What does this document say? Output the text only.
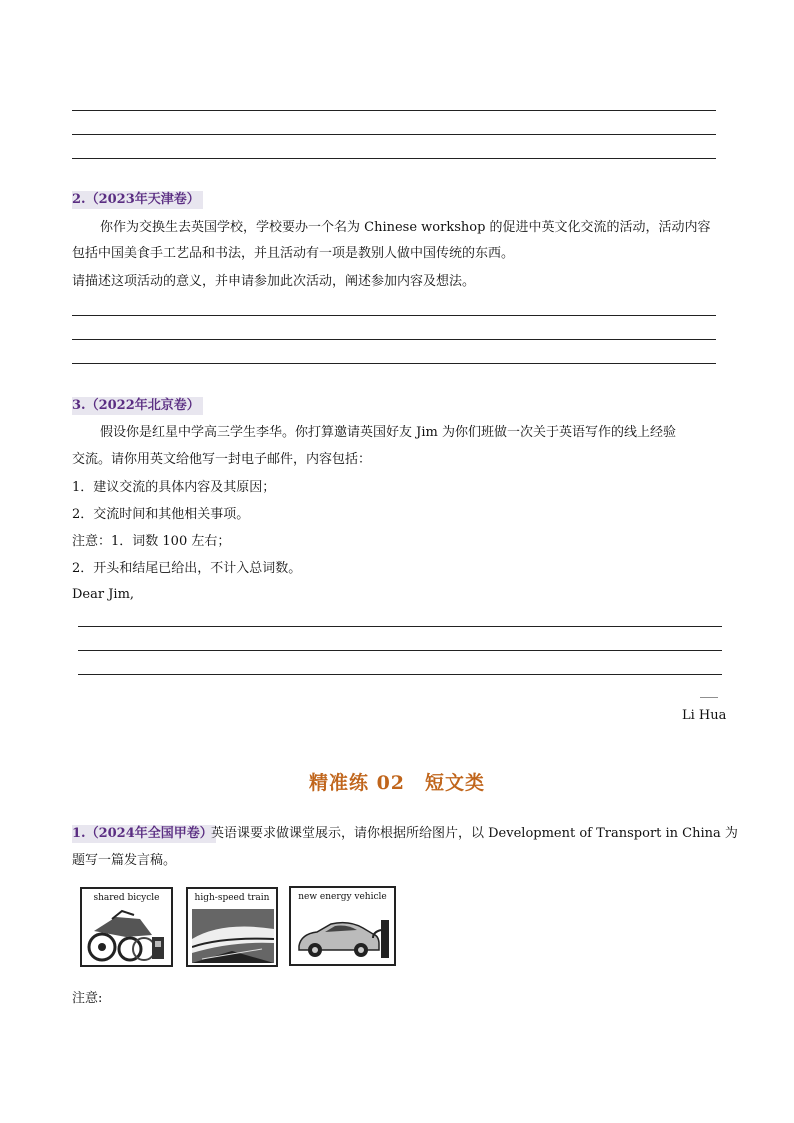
2.（2023年天津卷）
你作为交换生去英国学校，学校要办一个名为 Chinese workshop 的促进中英文化交流的活动，活动内容
包括中国美食手工艺品和书法，并且活动有一项是教别人做中国传统的东西。
请描述这项活动的意义，并申请参加此次活动，阐述参加内容及想法。
3.（2022年北京卷）
假设你是红星中学高三学生李华。你打算邀请英国好友 Jim 为你们班做一次关于英语写作的线上经验
交流。请你用英文给他写一封电子邮件，内容包括：
1．建议交流的具体内容及其原因；
2．交流时间和其他相关事项。
注意：1．词数 100 左右；
2．开头和结尾已给出，不计入总词数。
Dear Jim,
___
Li Hua
精准练 02　短文类
1.（2024年全国甲卷）
英语课要求做课堂展示，请你根据所给图片，以 Development of Transport in China 为
题写一篇发言稿。
shared bicycle	high-speed train	new energy vehicle
注意:
